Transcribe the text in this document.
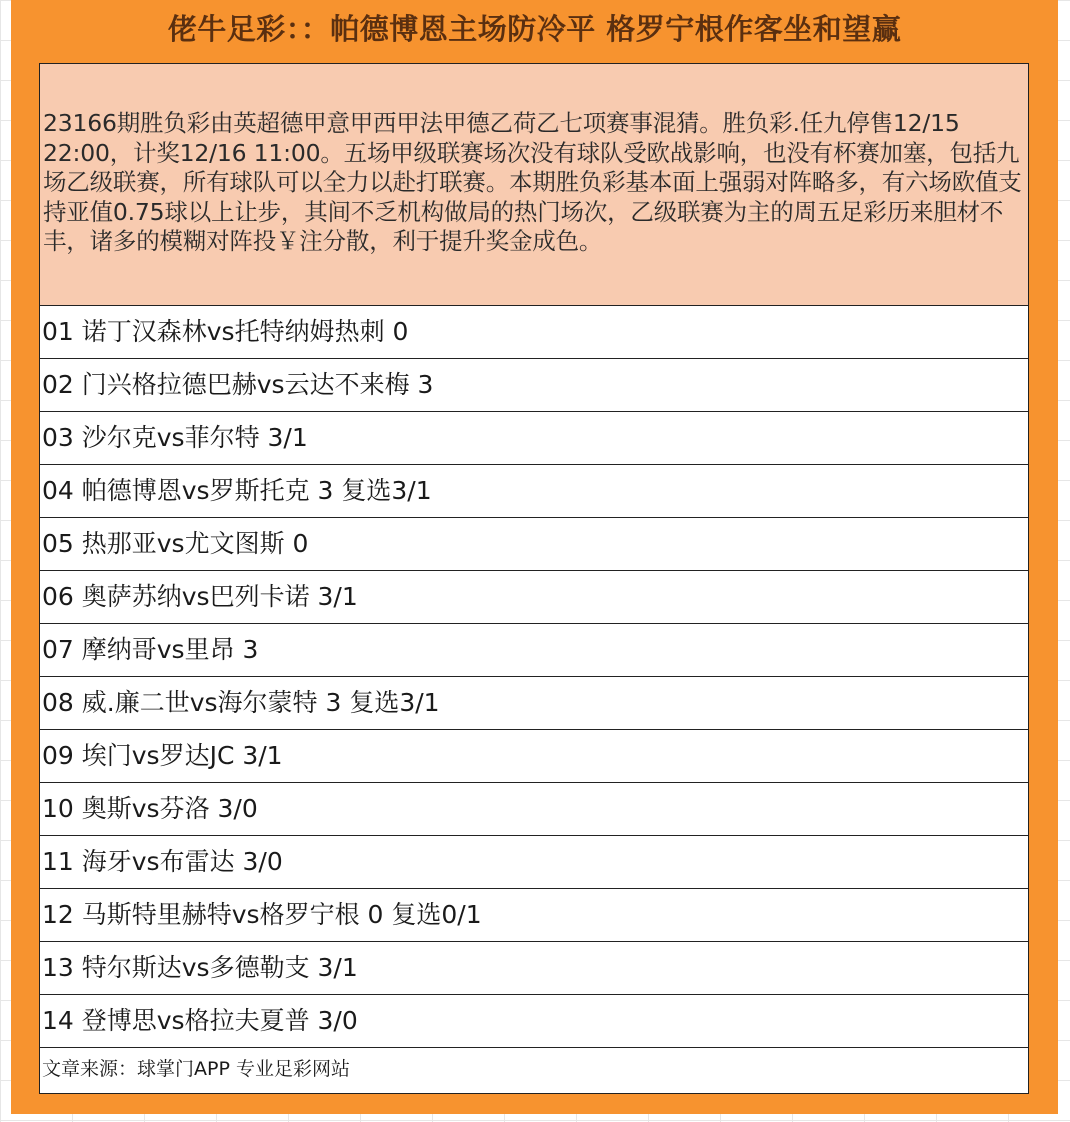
佬牛足彩：：帕德博恩主场防冷平 格罗宁根作客坐和望赢
23166期胜负彩由英超德甲意甲西甲法甲德乙荷乙七项赛事混猜。胜负彩.任九停售12/15 22:00，计奖12/16 11:00。五场甲级联赛场次没有球队受欧战影响，也没有杯赛加塞，包括九场乙级联赛，所有球队可以全力以赴打联赛。本期胜负彩基本面上强弱对阵略多，有六场欧值支持亚值0.75球以上让步，其间不乏机构做局的热门场次，乙级联赛为主的周五足彩历来胆材不丰，诸多的模糊对阵投￥注分散，利于提升奖金成色。
01 诺丁汉森林vs托特纳姆热刺 0
02 门兴格拉德巴赫vs云达不来梅 3
03 沙尔克vs菲尔特 3/1
04 帕德博恩vs罗斯托克 3 复选3/1
05 热那亚vs尤文图斯 0
06 奥萨苏纳vs巴列卡诺 3/1
07 摩纳哥vs里昂 3
08 威.廉二世vs海尔蒙特 3 复选3/1
09 埃门vs罗达JC 3/1
10 奥斯vs芬洛 3/0
11 海牙vs布雷达 3/0
12 马斯特里赫特vs格罗宁根 0 复选0/1
13 特尔斯达vs多德勒支 3/1
14 登博思vs格拉夫夏普 3/0
文章来源：球掌门APP 专业足彩网站
